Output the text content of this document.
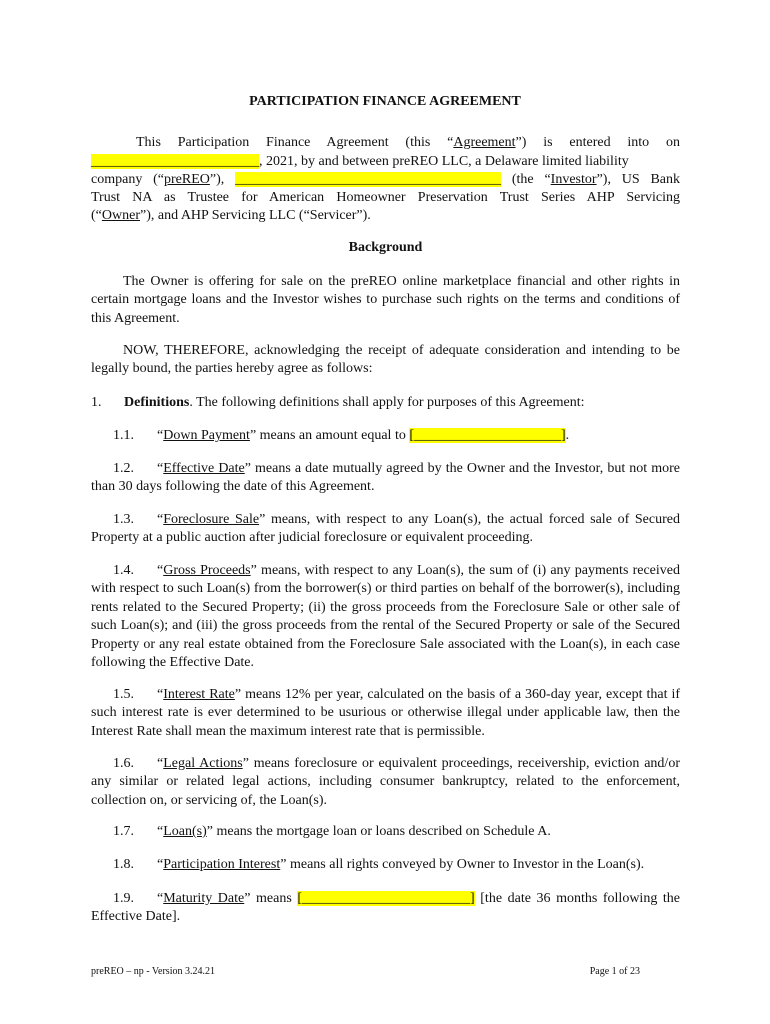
PARTICIPATION FINANCE AGREEMENT
This Participation Finance Agreement (this “Agreement”) is entered into on
________________________, 2021, by and between preREO LLC, a Delaware limited liability
company (“preREO”), ______________________________________ (the “Investor”), US Bank
Trust NA as Trustee for American Homeowner Preservation Trust Series AHP Servicing
(“Owner”), and AHP Servicing LLC (“Servicer”).
Background
The Owner is offering for sale on the preREO online marketplace financial and other rights in certain mortgage loans and the Investor wishes to purchase such rights on the terms and conditions of this Agreement.
NOW, THEREFORE, acknowledging the receipt of adequate consideration and intending to be legally bound, the parties hereby agree as follows:
1. Definitions. The following definitions shall apply for purposes of this Agreement:
1.1. “Down Payment” means an amount equal to [_____________________].
1.2. “Effective Date” means a date mutually agreed by the Owner and the Investor, but not more than 30 days following the date of this Agreement.
1.3. “Foreclosure Sale” means, with respect to any Loan(s), the actual forced sale of Secured Property at a public auction after judicial foreclosure or equivalent proceeding.
1.4. “Gross Proceeds” means, with respect to any Loan(s), the sum of (i) any payments received with respect to such Loan(s) from the borrower(s) or third parties on behalf of the borrower(s), including rents related to the Secured Property; (ii) the gross proceeds from the Foreclosure Sale or other sale of such Loan(s); and (iii) the gross proceeds from the rental of the Secured Property or sale of the Secured Property or any real estate obtained from the Foreclosure Sale associated with the Loan(s), in each case following the Effective Date.
1.5. “Interest Rate” means 12% per year, calculated on the basis of a 360-day year, except that if such interest rate is ever determined to be usurious or otherwise illegal under applicable law, then the Interest Rate shall mean the maximum interest rate that is permissible.
1.6. “Legal Actions” means foreclosure or equivalent proceedings, receivership, eviction and/or any similar or related legal actions, including consumer bankruptcy, related to the enforcement, collection on, or servicing of, the Loan(s).
1.7. “Loan(s)” means the mortgage loan or loans described on Schedule A.
1.8. “Participation Interest” means all rights conveyed by Owner to Investor in the Loan(s).
1.9. “Maturity Date” means [________________________] [the date 36 months following the Effective Date].
preREO – np - Version 3.24.21	Page 1 of 23
